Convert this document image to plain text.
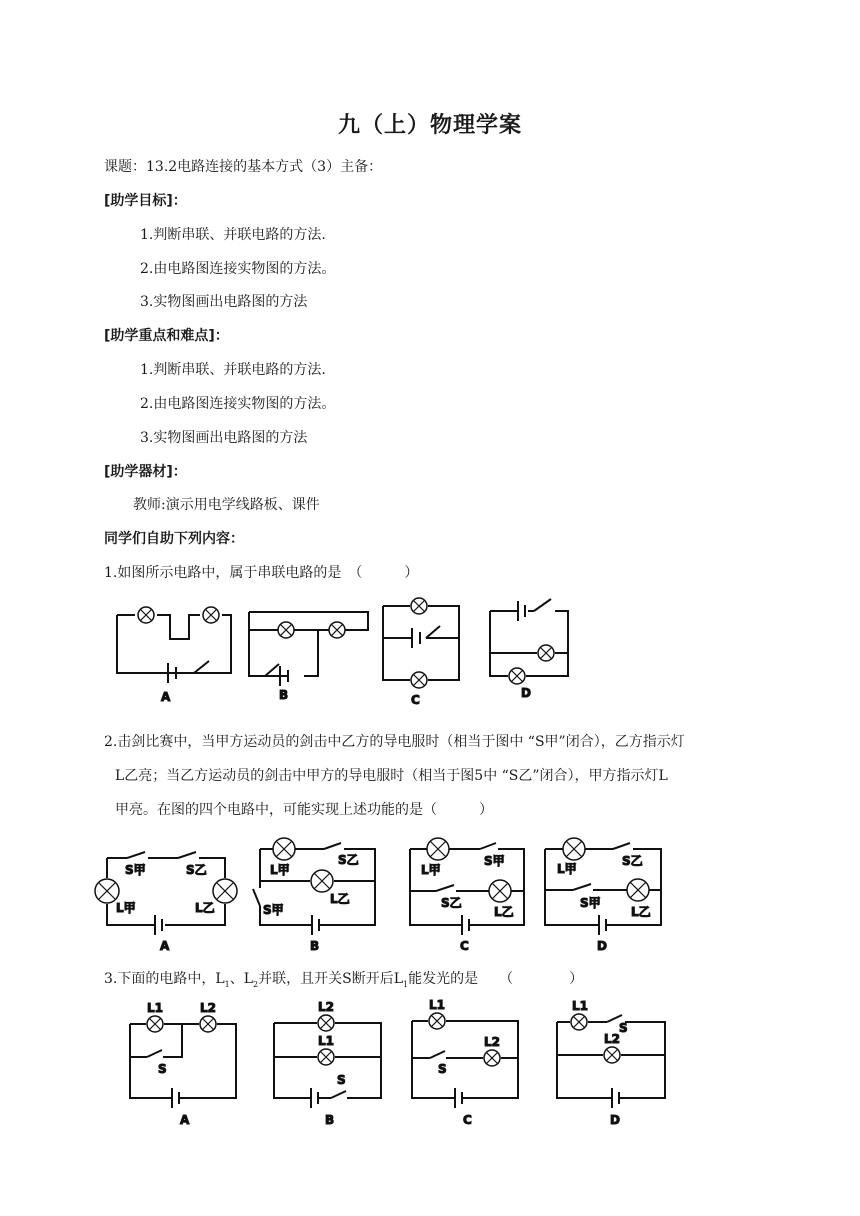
九（上）物理学案
课题：13.2电路连接的基本方式（3）主备：
[助学目标]：
1.判断串联、并联电路的方法.
2.由电路图连接实物图的方法。
3.实物图画出电路图的方法
[助学重点和难点]：
1.判断串联、并联电路的方法.
2.由电路图连接实物图的方法。
3.实物图画出电路图的方法
[助学器材]：
教师:演示用电学线路板、课件
同学们自助下列内容：
1.如图所示电路中，属于串联电路的是　（　　　）
A	B	C	D
2.击剑比赛中，当甲方运动员的剑击中乙方的导电服时（相当于图中 “S甲”闭合），乙方指示灯
L乙亮；当乙方运动员的剑击中甲方的导电服时（相当于图5中 “S乙”闭合），甲方指示灯L
甲亮。在图的四个电路中，可能实现上述功能的是（　　　）
S甲	S乙
L甲	L乙
A
L甲
S乙
S甲
L乙
B
S甲
L甲
S乙
L乙
C
S乙
L甲
S甲
L乙
D
3.下面的电路中，$L_1$、$L_2$并联，且开关S断开后$L_1$能发光的是　　（　　　　）
L1	L2
S
A
L2
L1
S
B
L1
L2
S
C
L1
S
L2
D
